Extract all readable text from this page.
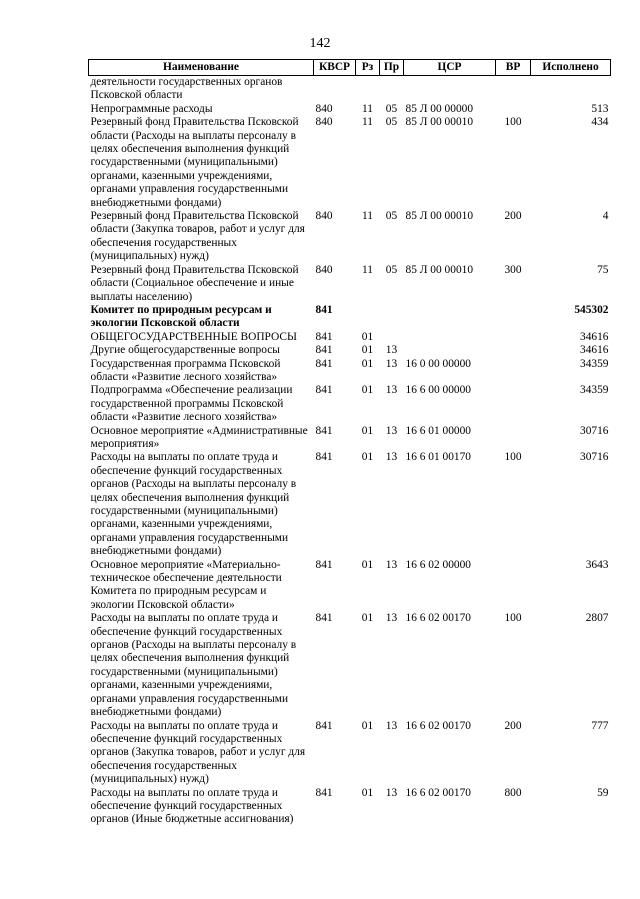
142
Наименование	КВСР	Рз	Пр	ЦСР	ВР	Исполнено
деятельности государственных органов Псковской области						
Непрограммные расходы	840	11	05	85 Л 00 00000		513
Резервный фонд Правительства Псковской области (Расходы на выплаты персоналу в целях обеспечения выполнения функций государственными (муниципальными) органами, казенными учреждениями, органами управления государственными внебюджетными фондами)	840	11	05	85 Л 00 00010	100	434
Резервный фонд Правительства Псковской области (Закупка товаров, работ и услуг для обеспечения государственных (муниципальных) нужд)	840	11	05	85 Л 00 00010	200	4
Резервный фонд Правительства Псковской области (Социальное обеспечение и иные выплаты населению)	840	11	05	85 Л 00 00010	300	75
Комитет по природным ресурсам и экологии Псковской области	841					545302
ОБЩЕГОСУДАРСТВЕННЫЕ ВОПРОСЫ	841	01				34616
Другие общегосударственные вопросы	841	01	13			34616
Государственная программа Псковской области «Развитие лесного хозяйства»	841	01	13	16 0 00 00000		34359
Подпрограмма «Обеспечение реализации государственной программы Псковской области «Развитие лесного хозяйства»	841	01	13	16 6 00 00000		34359
Основное мероприятие «Административные мероприятия»	841	01	13	16 6 01 00000		30716
Расходы на выплаты по оплате труда и обеспечение функций государственных органов (Расходы на выплаты персоналу в целях обеспечения выполнения функций государственными (муниципальными) органами, казенными учреждениями, органами управления государственными внебюджетными фондами)	841	01	13	16 6 01 00170	100	30716
Основное мероприятие «Материально-техническое обеспечение деятельности Комитета по природным ресурсам и экологии Псковской области»	841	01	13	16 6 02 00000		3643
Расходы на выплаты по оплате труда и обеспечение функций государственных органов (Расходы на выплаты персоналу в целях обеспечения выполнения функций государственными (муниципальными) органами, казенными учреждениями, органами управления государственными внебюджетными фондами)	841	01	13	16 6 02 00170	100	2807
Расходы на выплаты по оплате труда и обеспечение функций государственных органов (Закупка товаров, работ и услуг для обеспечения государственных (муниципальных) нужд)	841	01	13	16 6 02 00170	200	777
Расходы на выплаты по оплате труда и обеспечение функций государственных органов (Иные бюджетные ассигнования)	841	01	13	16 6 02 00170	800	59
